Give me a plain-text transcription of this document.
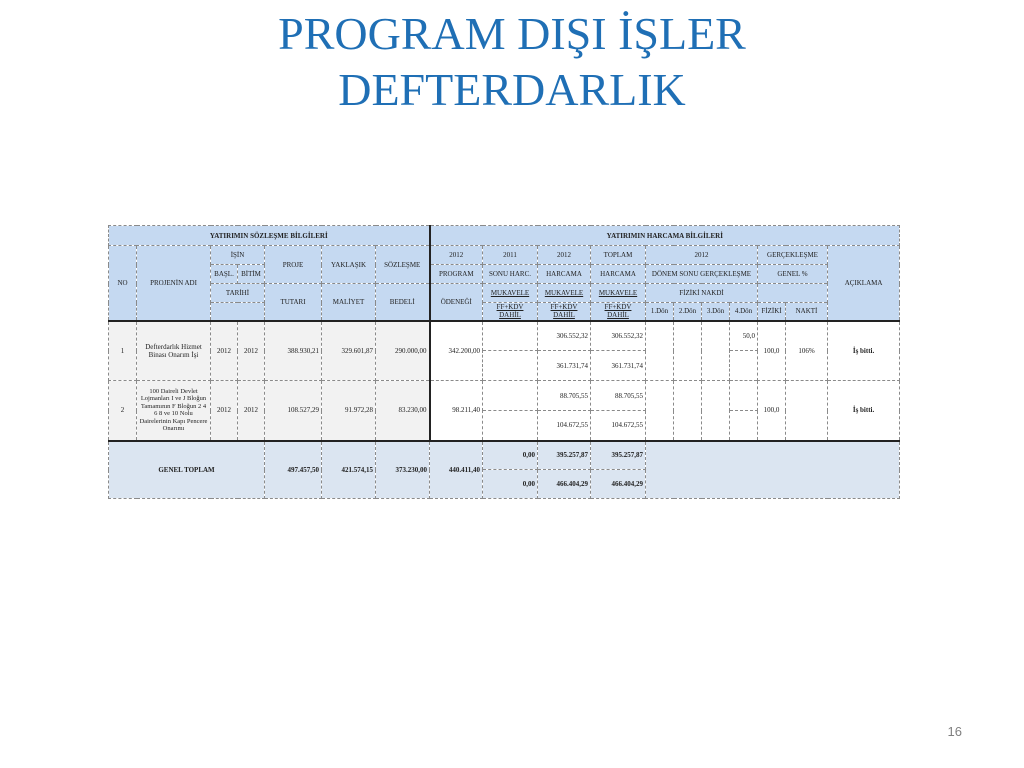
PROGRAM DIŞI İŞLER
DEFTERDARLIK
YATIRIMIN SÖZLEŞME BİLGİLERİ							YATIRIMIN HARCAMA BİLGİLERİ										
NO	PROJENİN ADI	İŞİN		PROJE	YAKLAŞIK	SÖZLEŞME	2012	2011	2012	TOPLAM	2012				GERÇEKLEŞME		AÇIKLAMA
		BAŞL.	BİTİM				PROGRAM	SONU HARC.	HARCAMA	HARCAMA	DÖNEM SONU GERÇEKLEŞME				GENEL %		
		TARİHİ		TUTARI	MALİYET	BEDELİ	ÖDENEĞİ	MUKAVELE	MUKAVELE	MUKAVELE	FİZİKİ NAKDİ						
								FF+KDV DAHİL	FF+KDV DAHİL	FF+KDV DAHİL	1.Dön	2.Dön	3.Dön	4.Dön	FİZİKİ	NAKTİ	
1	Defterdarlık Hizmet Binası Onarım İşi	2012	2012	388.930,21	329.601,87	290.000,00	342.200,00		306.552,32	306.552,32				50,0	100,0	106%	İş bitti.
									361.731,74	361.731,74							
2	100 Daireli Devlet Lojmanları I ve J Bloğun Tamamının F Bloğun 2 4 6 8 ve 10 Nolu Dairelerinin Kapı Pencere Onarımı	2012	2012	108.527,29	91.972,28	83.230,00	98.211,40		88.705,55	88.705,55					100,0		İş bitti.
									104.672,55	104.672,55							
GENEL TOPLAM				497.457,50	421.574,15	373.230,00	440.411,40	0,00	395.257,87	395.257,87							
								0,00	466.404,29	466.404,29							
16
